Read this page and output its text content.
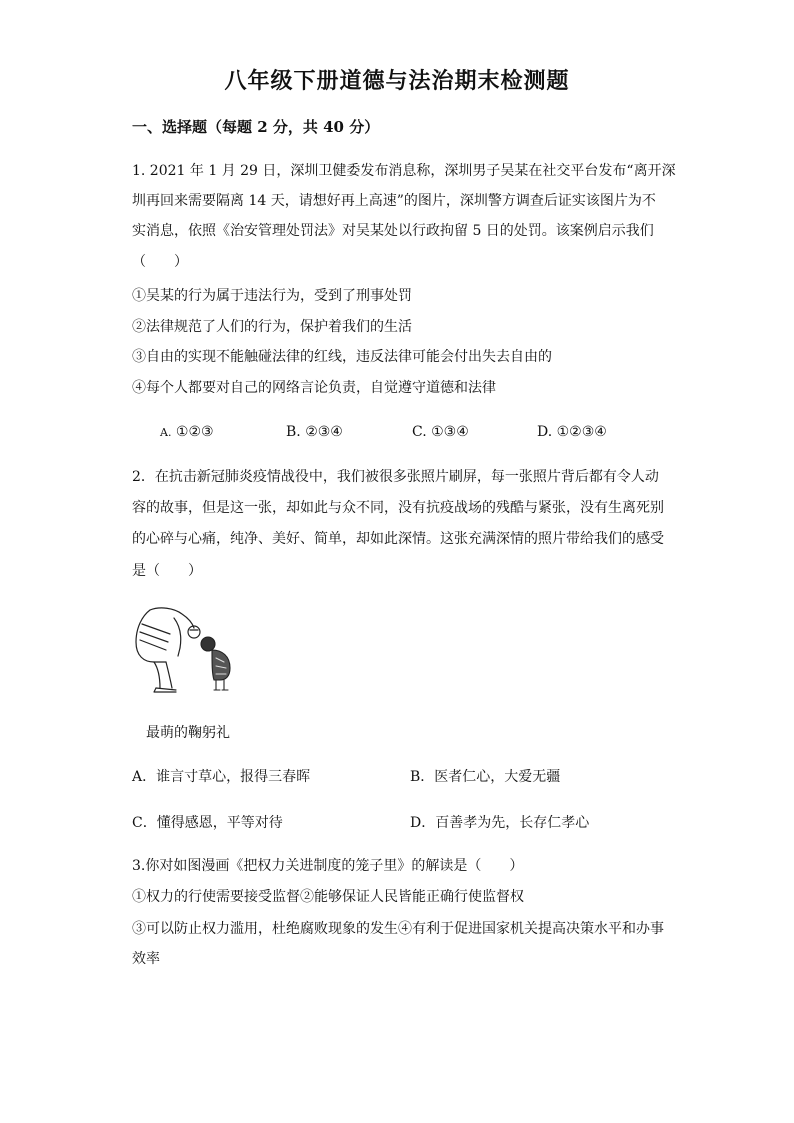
八年级下册道德与法治期末检测题
一、选择题（每题 2 分，共 40 分）
1. 2021 年 1 月 29 日，深圳卫健委发布消息称，深圳男子吴某在社交平台发布“离开深
圳再回来需要隔离 14 天，请想好再上高速”的图片，深圳警方调查后证实该图片为不
实消息，依照《治安管理处罚法》对吴某处以行政拘留 5 日的处罚。该案例启示我们
（　　）
①吴某的行为属于违法行为，受到了刑事处罚
②法律规范了人们的行为，保护着我们的生活
③自由的实现不能触碰法律的红线，违反法律可能会付出失去自由的
④每个人都要对自己的网络言论负责，自觉遵守道德和法律
A. ①②③	B. ②③④	C. ①③④	D. ①②③④
2．在抗击新冠肺炎疫情战役中，我们被很多张照片刷屏，每一张照片背后都有令人动
容的故事，但是这一张，却如此与众不同，没有抗疫战场的残酷与紧张，没有生离死别
的心碎与心痛，纯净、美好、简单，却如此深情。这张充满深情的照片带给我们的感受
是（　　）
最萌的鞠躬礼
A．谁言寸草心，报得三春晖	B．医者仁心，大爱无疆
C．懂得感恩，平等对待	D．百善孝为先，长存仁孝心
3.你对如图漫画《把权力关进制度的笼子里》的解读是（　　）
①权力的行使需要接受监督②能够保证人民皆能正确行使监督权
③可以防止权力滥用，杜绝腐败现象的发生④有利于促进国家机关提高决策水平和办事
效率
